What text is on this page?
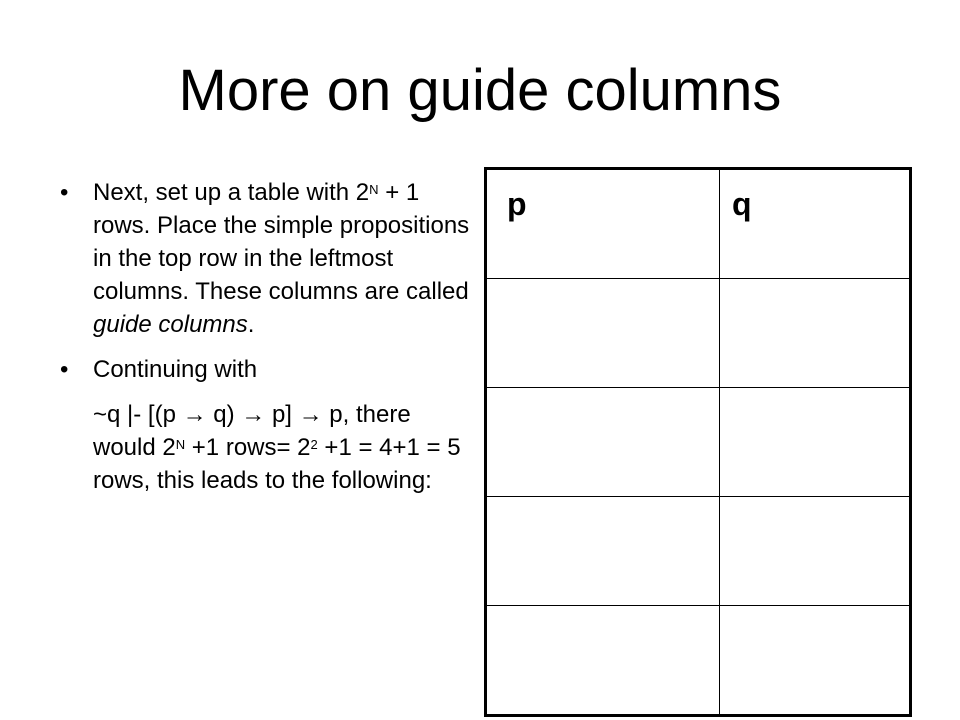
More on guide columns
• Next, set up a table with $2^N + 1$ rows. Place the simple propositions in the top row in the leftmost columns. These columns are called guide columns.
• Continuing with
~q |- [(p → q) → p] → p, there would $2^N +1$ rows= $2^2 +1 = 4+1 = 5$ rows, this leads to the following:
p	q
